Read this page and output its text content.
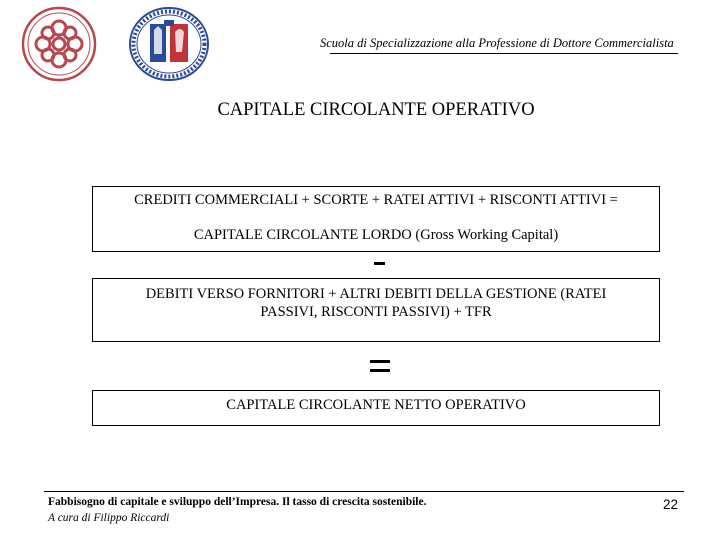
Scuola di Specializzazione alla Professione di Dottore Commercialista
CAPITALE CIRCOLANTE OPERATIVO
CREDITI COMMERCIALI + SCORTE + RATEI ATTIVI + RISCONTI ATTIVI =
CAPITALE CIRCOLANTE LORDO (Gross Working Capital)
DEBITI VERSO FORNITORI + ALTRI DEBITI DELLA GESTIONE (RATEI
PASSIVI, RISCONTI PASSIVI) + TFR
CAPITALE CIRCOLANTE NETTO OPERATIVO
Fabbisogno di capitale e sviluppo dell’Impresa. Il tasso di crescita sostenibile.
A cura di Filippo Riccardi
22
